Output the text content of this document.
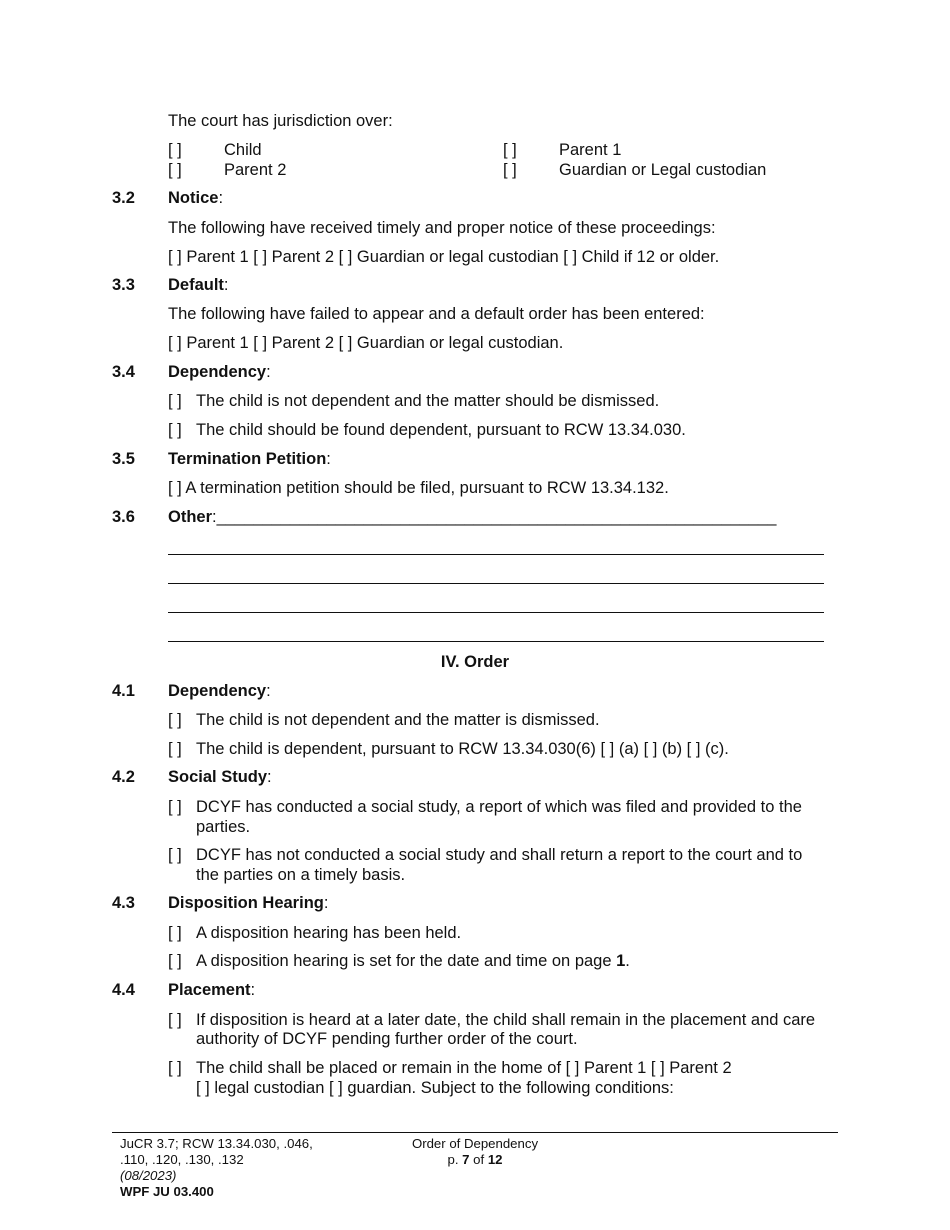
The court has jurisdiction over:
[ ]	Child	[ ]	Parent 1
[ ]	Parent 2	[ ]	Guardian or Legal custodian
3.2 Notice:
The following have received timely and proper notice of these proceedings:
[ ] Parent 1 [ ] Parent 2 [ ] Guardian or legal custodian [ ] Child if 12 or older.
3.3 Default:
The following have failed to appear and a default order has been entered:
[ ] Parent 1 [ ] Parent 2 [ ] Guardian or legal custodian.
3.4 Dependency:
[ ] The child is not dependent and the matter should be dismissed.
[ ] The child should be found dependent, pursuant to RCW 13.34.030.
3.5 Termination Petition:
[ ] A termination petition should be filed, pursuant to RCW 13.34.132.
3.6 Other:_____________________________________________________________
IV. Order
4.1 Dependency:
[ ] The child is not dependent and the matter is dismissed.
[ ] The child is dependent, pursuant to RCW 13.34.030(6) [ ] (a) [ ] (b) [ ] (c).
4.2 Social Study:
[ ] DCYF has conducted a social study, a report of which was filed and provided to the
parties.
[ ] DCYF has not conducted a social study and shall return a report to the court and to
the parties on a timely basis.
4.3 Disposition Hearing:
[ ] A disposition hearing has been held.
[ ] A disposition hearing is set for the date and time on page 1.
4.4 Placement:
[ ] If disposition is heard at a later date, the child shall remain in the placement and care
authority of DCYF pending further order of the court.
[ ] The child shall be placed or remain in the home of [ ] Parent 1 [ ] Parent 2
[ ] legal custodian [ ] guardian. Subject to the following conditions:
JuCR 3.7; RCW 13.34.030, .046,
.110, .120, .130, .132
(08/2023)
WPF JU 03.400
Order of Dependency
p. 7 of 12
